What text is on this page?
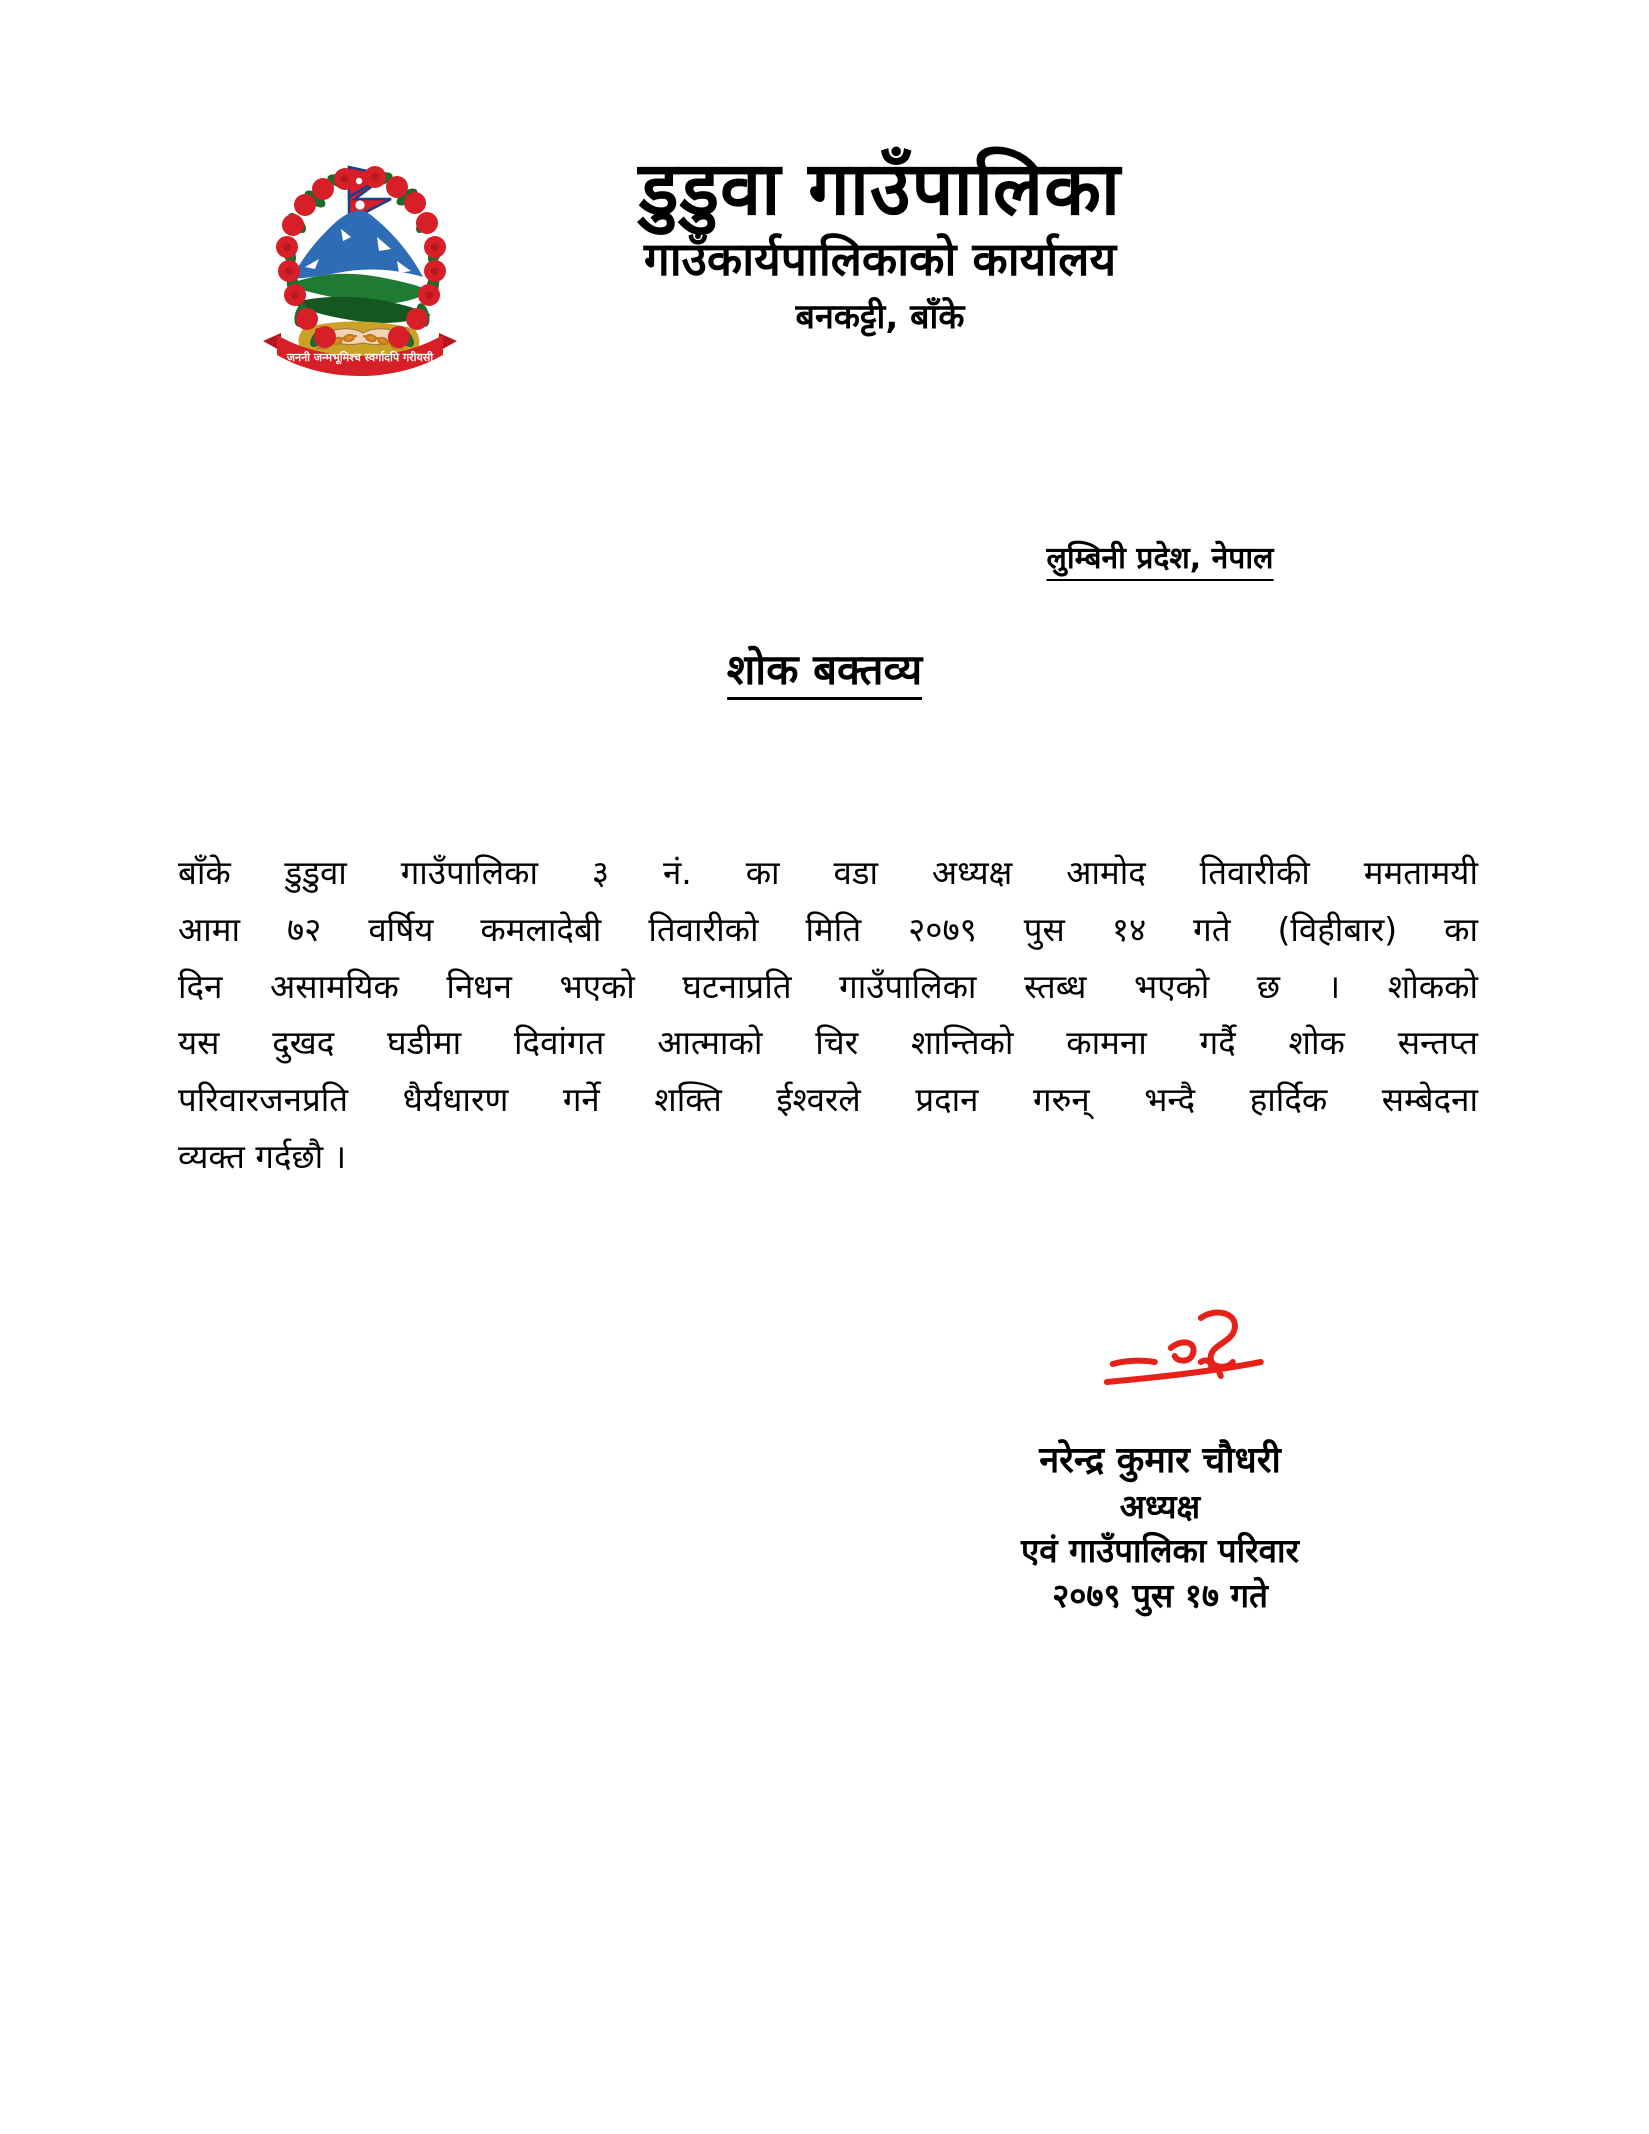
जननी जन्मभूमिश्च स्वर्गादपि गरीयसी
डुडुवा गाउँपालिका
गाउँकार्यपालिकाको कार्यालय
बनकट्टी, बाँके
लुम्बिनी प्रदेश, नेपाल
शोक बक्तव्य
बाँके डुडुवा गाउँपालिका ३ नं. का वडा अध्यक्ष आमोद तिवारीकी ममतामयी
आमा ७२ वर्षिय कमलादेबी तिवारीको मिति २०७९ पुस १४ गते (विहीबार) का
दिन असामयिक निधन भएको घटनाप्रति गाउँपालिका स्तब्ध भएको छ । शोकको
यस दुखद घडीमा दिवांगत आत्माको चिर शान्तिको कामना गर्दै शोक सन्तप्त
परिवारजनप्रति धैर्यधारण गर्ने शक्ति ईश्वरले प्रदान गरुन् भन्दै हार्दिक सम्बेदना
व्यक्त गर्दछौ ।
नरेन्द्र कुमार चौधरी
अध्यक्ष
एवं गाउँपालिका परिवार
२०७९ पुस १७ गते
